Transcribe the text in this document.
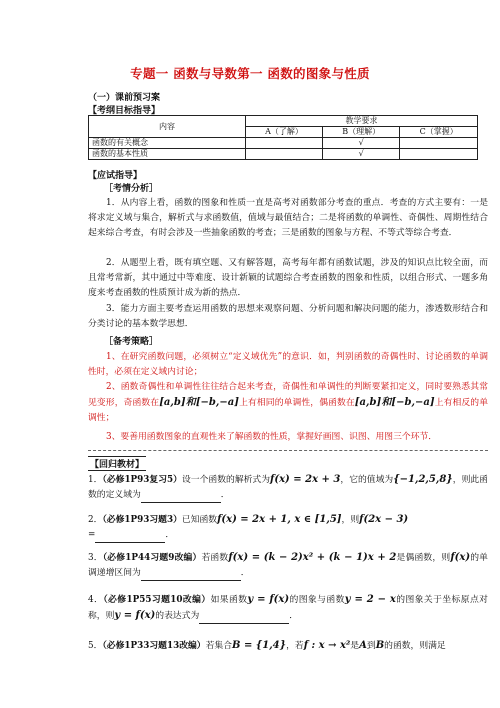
专题一 函数与导数第一 函数的图象与性质
（一）课前预习案
【考纲目标指导】
内容	教学要求		
	A（了解）	B（理解）	C（掌握）
函数的有关概念		√	
函数的基本性质		√	
【应试指导】
［考情分析］
1．从内容上看，函数的图象和性质一直是高考对函数部分考查的重点．考查的方式主要有：一是将求定义域与集合，解析式与求函数值，值域与最值结合；二是将函数的单调性、奇偶性、周期性结合起来综合考查，有时会涉及一些抽象函数的考查；三是函数的图象与方程、不等式等综合考查．
2．从题型上看，既有填空题、又有解答题，高考每年都有函数试题，涉及的知识点比较全面，而且常考常新，其中通过中等难度、设计新颖的试题综合考查函数的图象和性质，以组合形式、一题多角度来考查函数的性质预计成为新的热点．
3．能力方面主要考查运用函数的思想来观察问题、分析问题和解决问题的能力，渗透数形结合和分类讨论的基本数学思想．
［备考策略］
1、在研究函数问题，必须树立“定义域优先”的意识．如，判别函数的奇偶性时、讨论函数的单调性时，必须在定义域内讨论；
2、函数奇偶性和单调性往往结合起来考查，奇偶性和单调性的判断要紧扣定义，同时要熟悉其常见变形，奇函数在[a,b]和[−b,−a]上有相同的单调性，偶函数在[a,b]和[−b,−a]上有相反的单调性；
3、要善用函数图象的直观性来了解函数的性质，掌握好画图、识图、用图三个环节．
【回归教材】
1．（必修1P93复习5）设一个函数的解析式为f(x) = 2x + 3，它的值域为{−1,2,5,8}，则此函数的定义域为	．
2．（必修1P93习题3）已知函数f(x) = 2x + 1, x ∈ [1,5]，则f(2x − 3)
=	．
3．（必修1P44习题9改编）若函数f(x) = (k − 2)x² + (k − 1)x + 2是偶函数，则f(x)的单调递增区间为	．
4．（必修1P55习题10改编）如果函数y = f(x)的图象与函数y = 2 − x的图象关于坐标原点对称，则y = f(x)的表达式为	．
5．（必修1P33习题13改编）若集合B = {1,4}，若f : x → x²是A到B的函数，则满足
